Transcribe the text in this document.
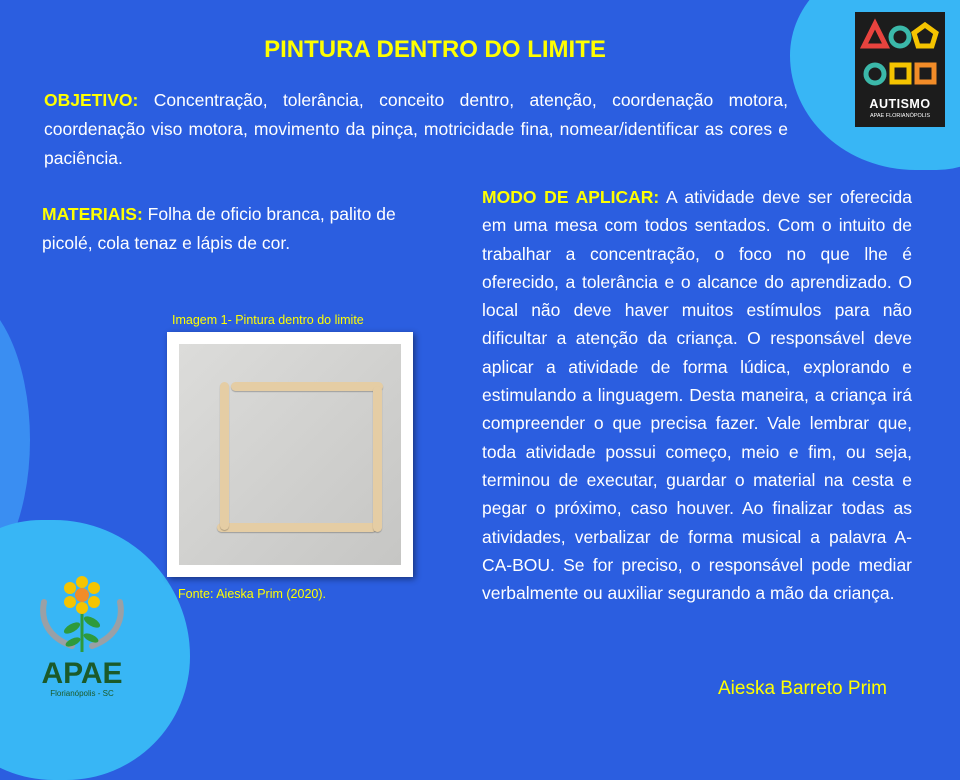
AUTISMO
APAE FLORIANÓPOLIS
PINTURA DENTRO DO LIMITE
OBJETIVO: Concentração, tolerância, conceito dentro, atenção, coordenação motora, coordenação viso motora, movimento da pinça, motricidade fina, nomear/identificar as cores e paciência.
MATERIAIS: Folha de oficio branca, palito de picolé, cola tenaz e lápis de cor.
MODO DE APLICAR: A atividade deve ser oferecida em uma mesa com todos sentados. Com o intuito de trabalhar a concentração, o foco no que lhe é oferecido, a tolerância e o alcance do aprendizado. O local não deve haver muitos estímulos para não dificultar a atenção da criança. O responsável deve aplicar a atividade de forma lúdica, explorando e estimulando a linguagem. Desta maneira, a criança irá compreender o que precisa fazer. Vale lembrar que, toda atividade possui começo, meio e fim, ou seja, terminou de executar, guardar o material na cesta e pegar o próximo, caso houver. Ao finalizar todas as atividades, verbalizar de forma musical a palavra A-CA-BOU. Se for preciso, o responsável pode mediar verbalmente ou auxiliar segurando a mão da criança.
Imagem 1- Pintura dentro do limite
Fonte: Aieska Prim (2020).
APAE
Florianópolis - SC	Aieska Barreto Prim
